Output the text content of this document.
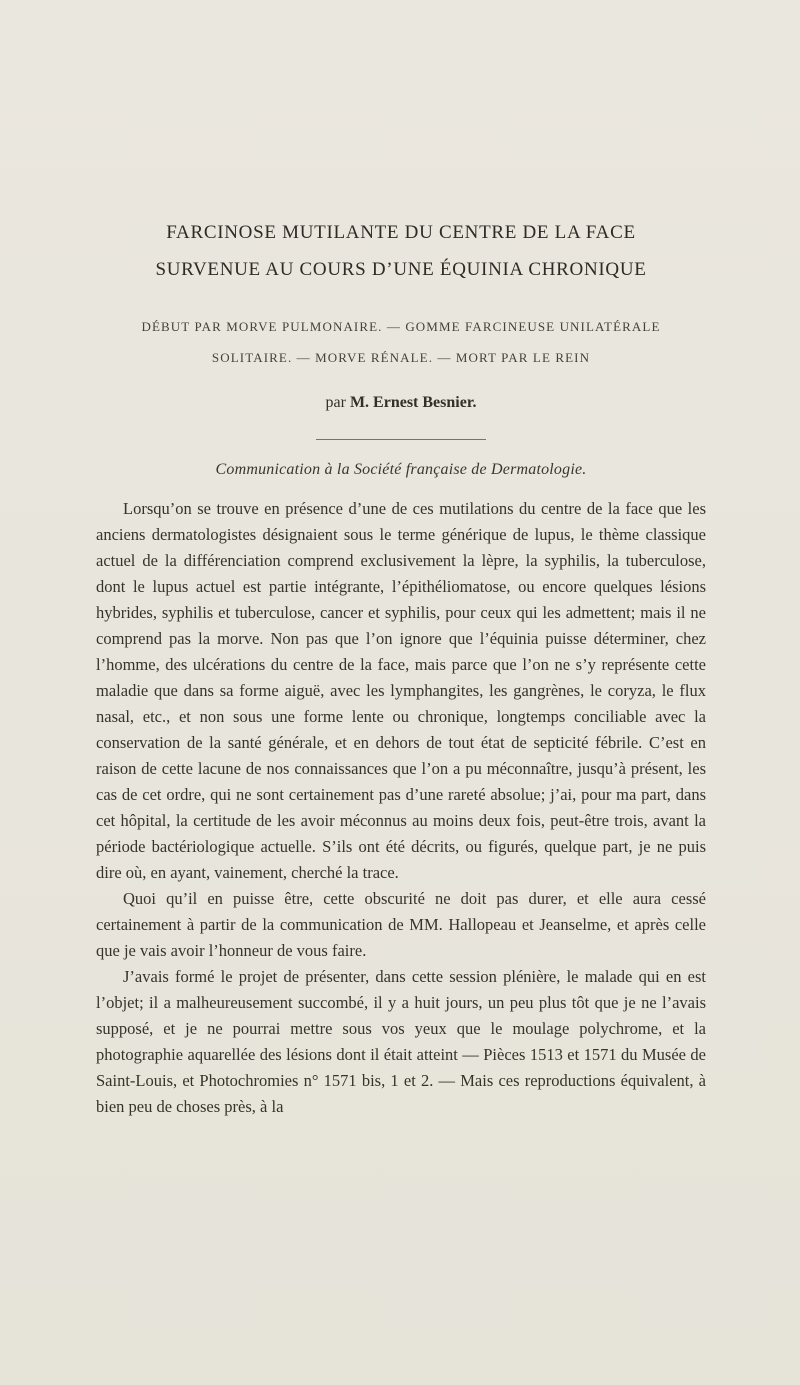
FARCINOSE MUTILANTE DU CENTRE DE LA FACE
SURVENUE AU COURS D’UNE ÉQUINIA CHRONIQUE
DÉBUT PAR MORVE PULMONAIRE. — GOMME FARCINEUSE UNILATÉRALE
SOLITAIRE. — MORVE RÉNALE. — MORT PAR LE REIN
par M. Ernest Besnier.
Communication à la Société française de Dermatologie.

Lorsqu’on se trouve en présence d’une de ces mutilations du centre de la face que les anciens dermatologistes désignaient sous le terme générique de lupus, le thème classique actuel de la différenciation comprend exclusivement la lèpre, la syphilis, la tuberculose, dont le lupus actuel est partie intégrante, l’épithéliomatose, ou encore quelques lésions hybrides, syphilis et tuberculose, cancer et syphilis, pour ceux qui les admettent; mais il ne comprend pas la morve. Non pas que l’on ignore que l’équinia puisse déterminer, chez l’homme, des ulcérations du centre de la face, mais parce que l’on ne s’y représente cette maladie que dans sa forme aiguë, avec les lymphangites, les gangrènes, le coryza, le flux nasal, etc., et non sous une forme lente ou chronique, longtemps conciliable avec la conservation de la santé générale, et en dehors de tout état de septicité fébrile. C’est en raison de cette lacune de nos connaissances que l’on a pu méconnaître, jusqu’à présent, les cas de cet ordre, qui ne sont certainement pas d’une rareté absolue; j’ai, pour ma part, dans cet hôpital, la certitude de les avoir méconnus au moins deux fois, peut-être trois, avant la période bactériologique actuelle. S’ils ont été décrits, ou figurés, quelque part, je ne puis dire où, en ayant, vainement, cherché la trace.

Quoi qu’il en puisse être, cette obscurité ne doit pas durer, et elle aura cessé certainement à partir de la communication de MM. Hallopeau et Jeanselme, et après celle que je vais avoir l’honneur de vous faire.

J’avais formé le projet de présenter, dans cette session plénière, le malade qui en est l’objet; il a malheureusement succombé, il y a huit jours, un peu plus tôt que je ne l’avais supposé, et je ne pourrai mettre sous vos yeux que le moulage polychrome, et la photographie aquarellée des lésions dont il était atteint — Pièces 1513 et 1571 du Musée de Saint-Louis, et Photochromies n° 1571 bis, 1 et 2. — Mais ces reproductions équivalent, à bien peu de choses près, à la
